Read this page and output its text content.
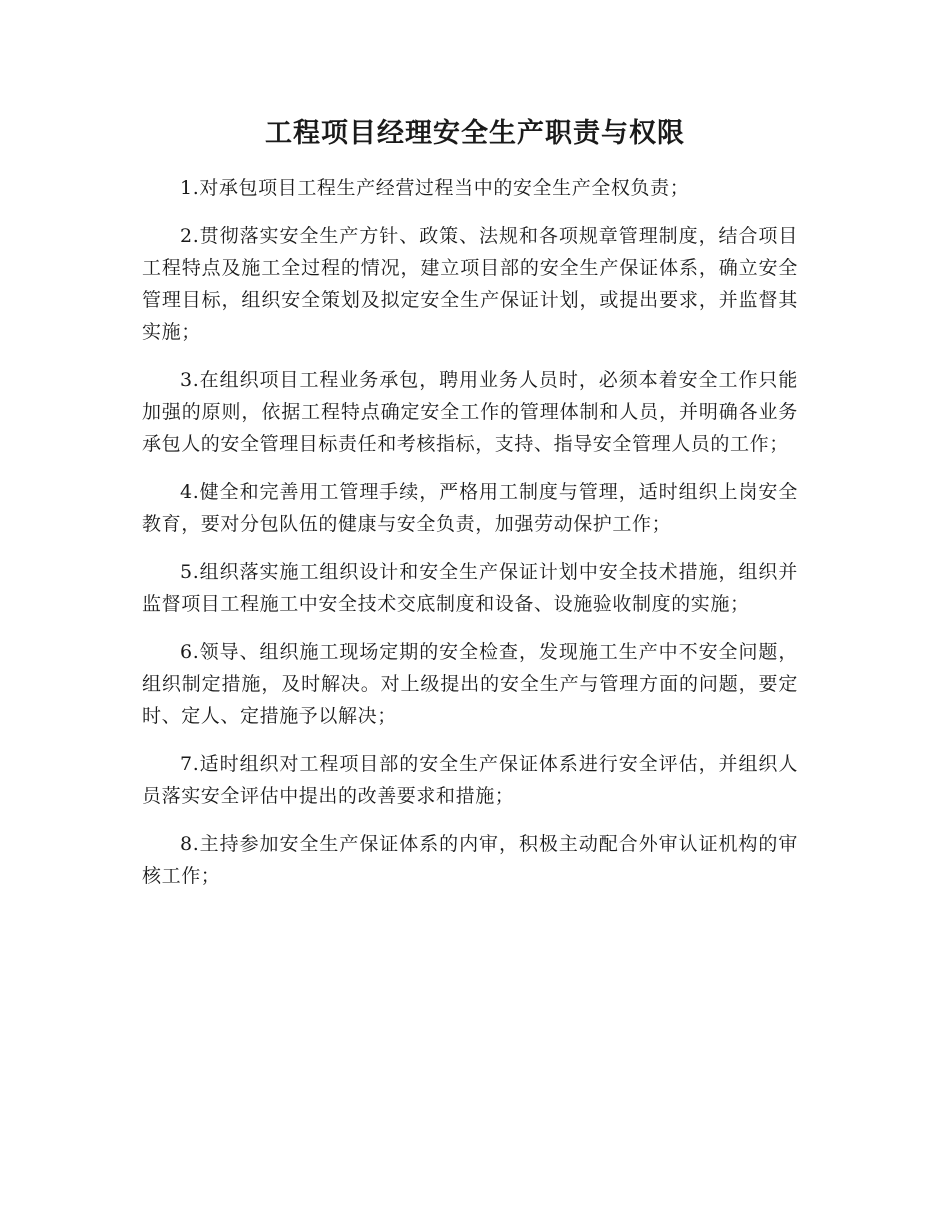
工程项目经理安全生产职责与权限

1.对承包项目工程生产经营过程当中的安全生产全权负责；

2.贯彻落实安全生产方针、政策、法规和各项规章管理制度，结合项目工程特点及施工全过程的情况，建立项目部的安全生产保证体系，确立安全管理目标，组织安全策划及拟定安全生产保证计划，或提出要求，并监督其实施；

3.在组织项目工程业务承包，聘用业务人员时，必须本着安全工作只能加强的原则，依据工程特点确定安全工作的管理体制和人员，并明确各业务承包人的安全管理目标责任和考核指标，支持、指导安全管理人员的工作；

4.健全和完善用工管理手续，严格用工制度与管理，适时组织上岗安全教育，要对分包队伍的健康与安全负责，加强劳动保护工作；

5.组织落实施工组织设计和安全生产保证计划中安全技术措施，组织并监督项目工程施工中安全技术交底制度和设备、设施验收制度的实施；

6.领导、组织施工现场定期的安全检查，发现施工生产中不安全问题，组织制定措施，及时解决。对上级提出的安全生产与管理方面的问题，要定时、定人、定措施予以解决；

7.适时组织对工程项目部的安全生产保证体系进行安全评估，并组织人员落实安全评估中提出的改善要求和措施；

8.主持参加安全生产保证体系的内审，积极主动配合外审认证机构的审核工作；
